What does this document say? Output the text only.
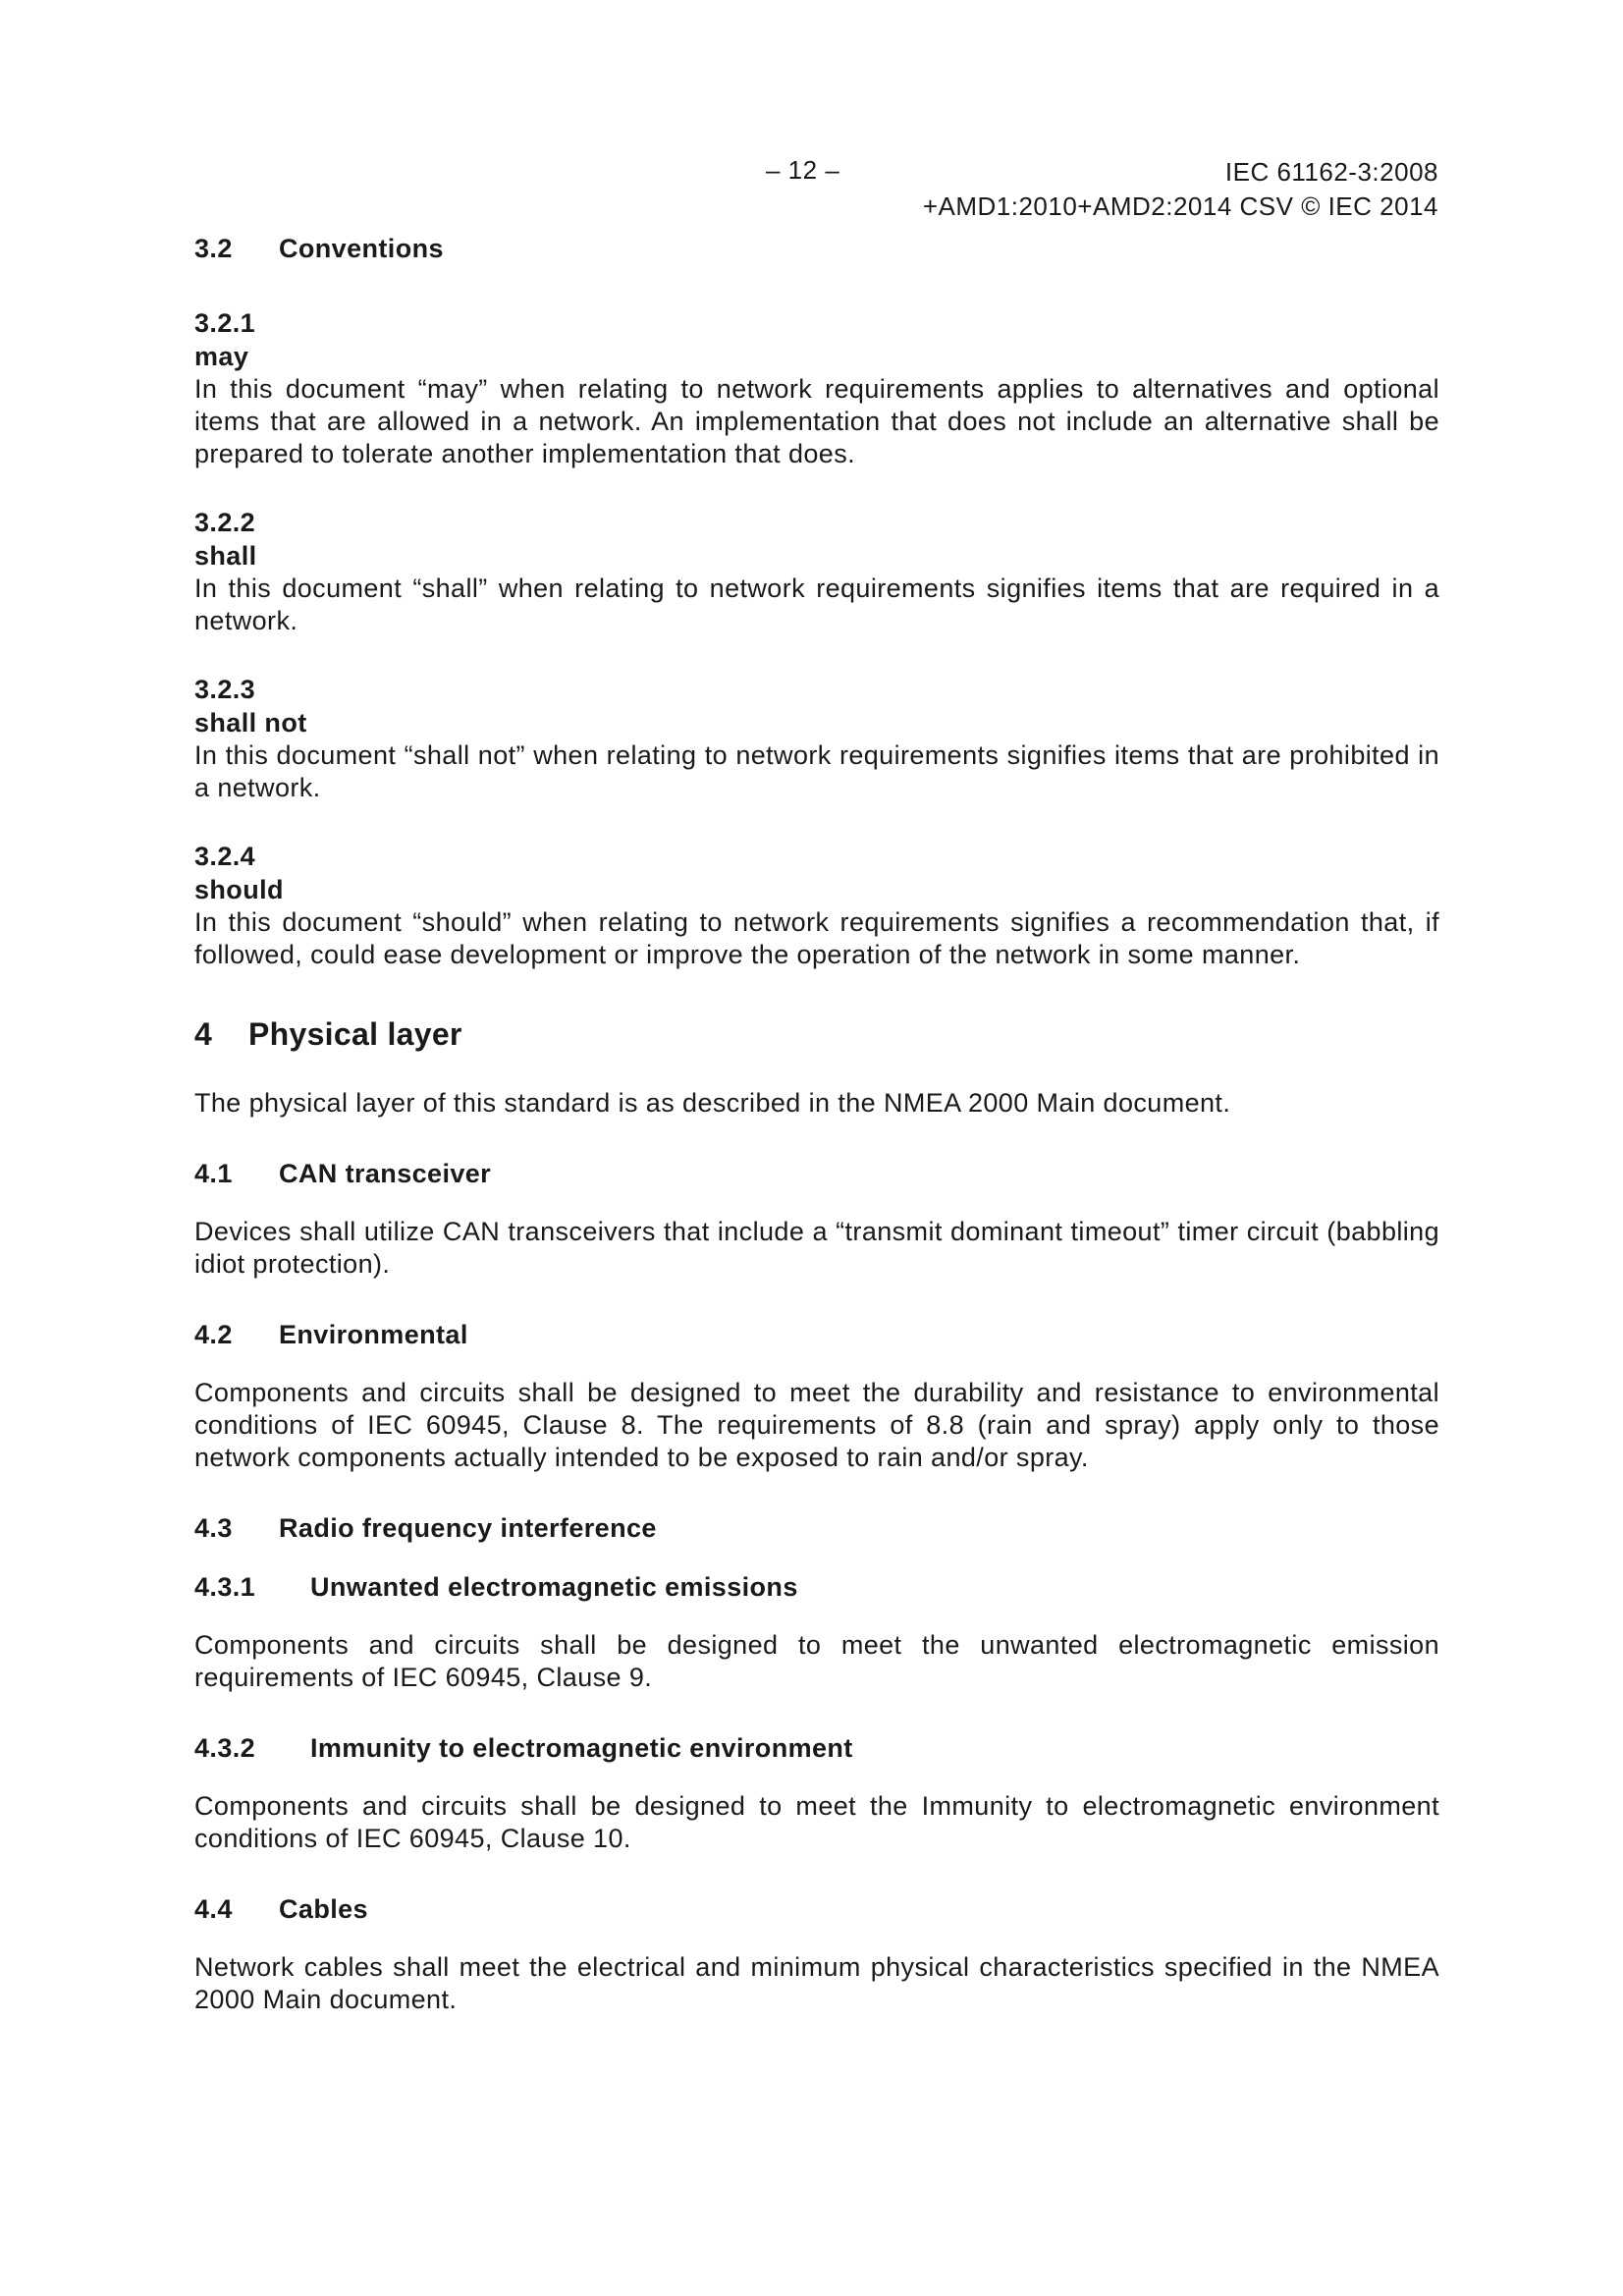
– 12 –	IEC 61162-3:2008
+AMD1:2010+AMD2:2014 CSV © IEC 2014
3.2 Conventions
3.2.1
may

In this document “may” when relating to network requirements applies to alternatives and optional items that are allowed in a network. An implementation that does not include an alternative shall be prepared to tolerate another implementation that does.

3.2.2
shall

In this document “shall” when relating to network requirements signifies items that are required in a network.

3.2.3
shall not

In this document “shall not” when relating to network requirements signifies items that are prohibited in a network.

3.2.4
should

In this document “should” when relating to network requirements signifies a recommendation that, if followed, could ease development or improve the operation of the network in some manner.

4 Physical layer

The physical layer of this standard is as described in the NMEA 2000 Main document.

4.1 CAN transceiver

Devices shall utilize CAN transceivers that include a “transmit dominant timeout” timer circuit (babbling idiot protection).

4.2 Environmental

Components and circuits shall be designed to meet the durability and resistance to environmental conditions of IEC 60945, Clause 8. The requirements of 8.8 (rain and spray) apply only to those network components actually intended to be exposed to rain and/or spray.

4.3 Radio frequency interference
4.3.1 Unwanted electromagnetic emissions

Components and circuits shall be designed to meet the unwanted electromagnetic emission requirements of IEC 60945, Clause 9.

4.3.2 Immunity to electromagnetic environment

Components and circuits shall be designed to meet the Immunity to electromagnetic environment conditions of IEC 60945, Clause 10.

4.4 Cables

Network cables shall meet the electrical and minimum physical characteristics specified in the NMEA 2000 Main document.
